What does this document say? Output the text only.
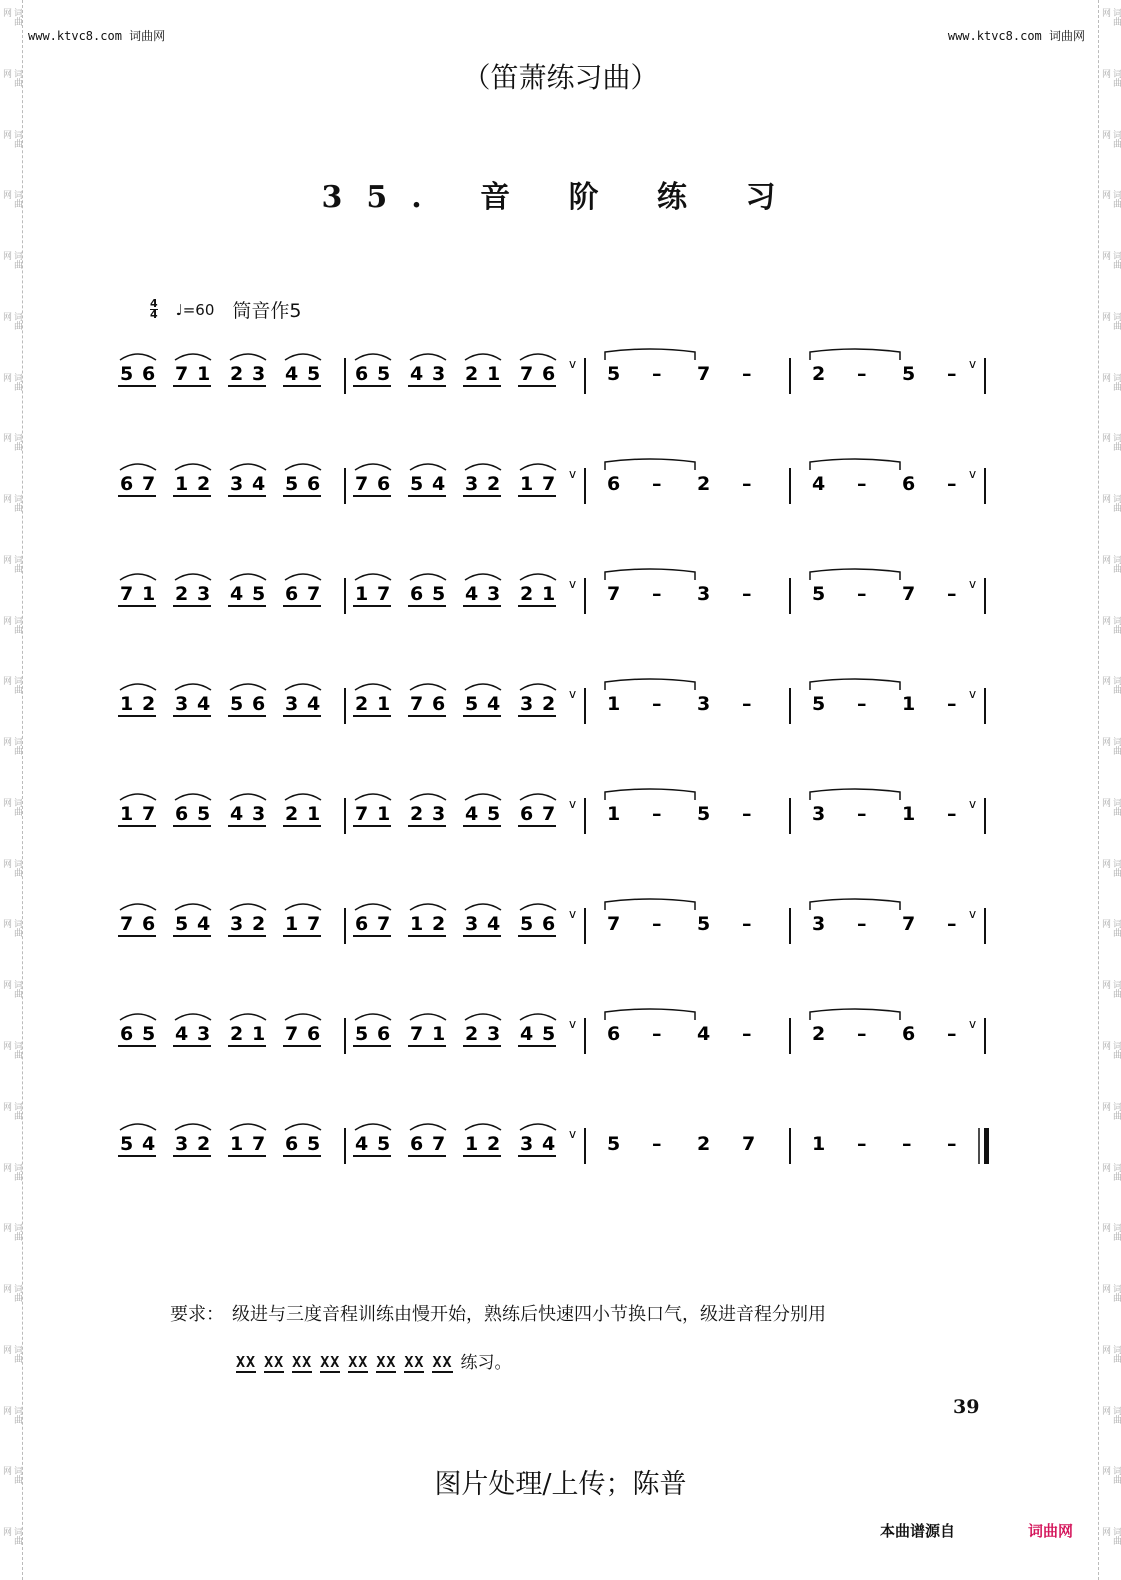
词曲网
词曲网
词曲网
词曲网
词曲网
词曲网
词曲网
词曲网
词曲网
词曲网
词曲网
词曲网
词曲网
词曲网
词曲网
词曲网
词曲网
词曲网
词曲网
词曲网
词曲网
词曲网
词曲网
词曲网
词曲网
词曲网
词曲网
词曲网
词曲网
词曲网
词曲网
词曲网
词曲网
词曲网
词曲网
词曲网
词曲网
词曲网
词曲网
词曲网
词曲网
词曲网
词曲网
词曲网
词曲网
词曲网
词曲网
词曲网
词曲网
词曲网
词曲网
词曲网
www.ktvc8.com 词曲网	www.ktvc8.com 词曲网
（笛萧练习曲）
35. 音 阶 练 习
4
4 ♩=60 筒音作5
5 6 7 1 2 3 4 5 6 5 4 3 2 1 7 6	5 – 7 –	2 – 5 –
v	v
6 7 1 2 3 4 5 6 7 6 5 4 3 2 1 7	6 – 2 –	4 – 6 –
v	v
7 1 2 3 4 5 6 7 1 7 6 5 4 3 2 1	7 – 3 –	5 – 7 –
v	v
1 2 3 4 5 6 3 4 2 1 7 6 5 4 3 2	1 – 3 –	5 – 1 –
v	v
1 7 6 5 4 3 2 1 7 1 2 3 4 5 6 7	1 – 5 –	3 – 1 –
v	v
7 6 5 4 3 2 1 7 6 7 1 2 3 4 5 6	7 – 5 –	3 – 7 –
v	v
6 5 4 3 2 1 7 6 5 6 7 1 2 3 4 5	6 – 4 –	2 – 6 –
v	v
5 4 3 2 1 7 6 5 4 5 6 7 1 2 3 4	5 – 2 7	1 – – –
v
要求： 级进与三度音程训练由慢开始，熟练后快速四小节换口气，级进音程分别用
XX XX XX XX XX XX XX XX 练习。
39
图片处理/上传；陈普
本曲谱源自	词曲网
